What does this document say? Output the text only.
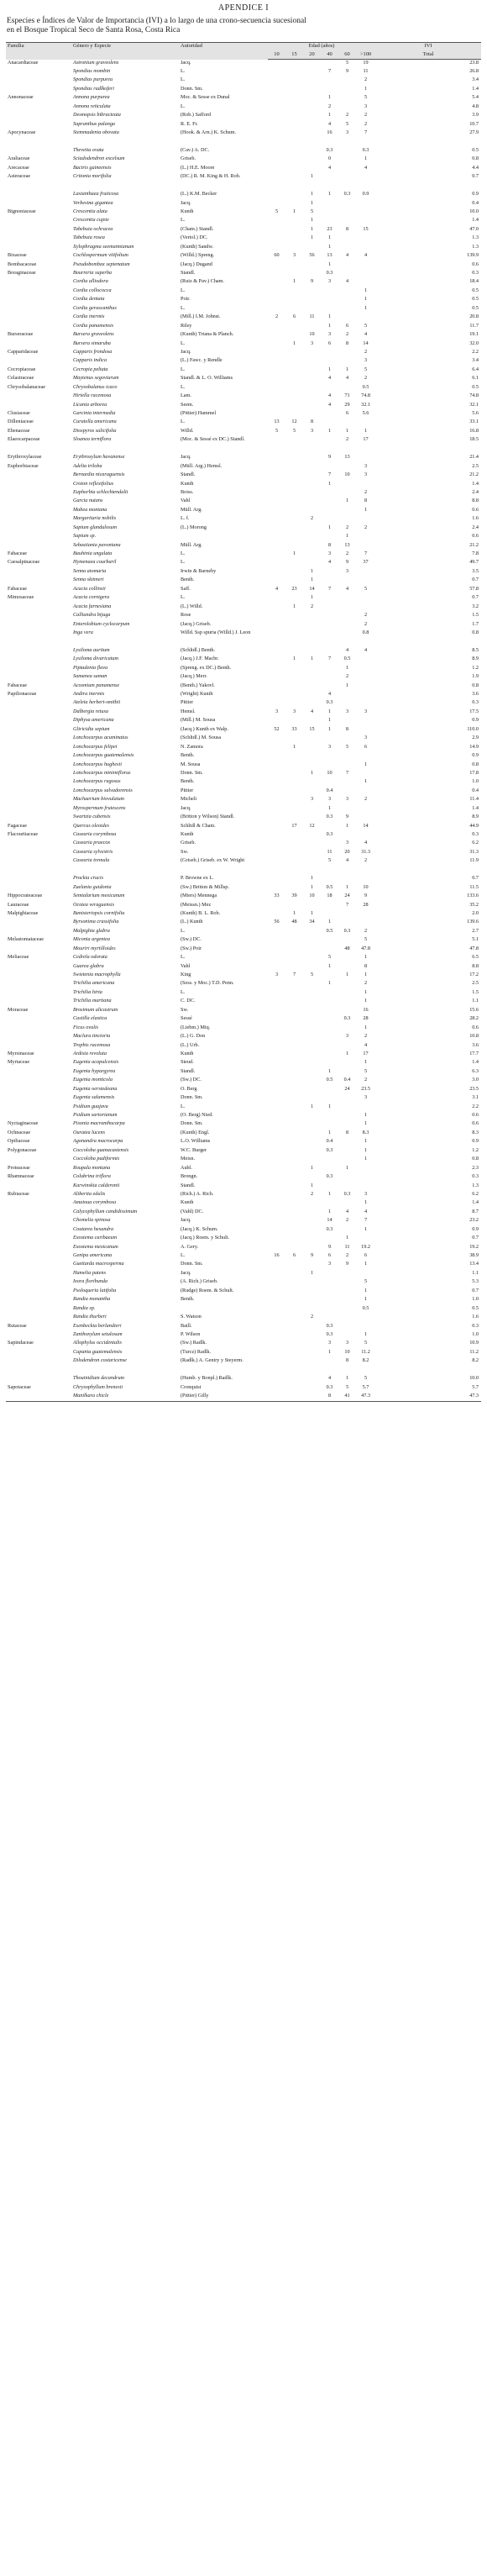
APENDICE I
Especies e Índices de Valor de Importancia (IVI) a lo largo de una crono-secuencia sucesional
en el Bosque Tropical Seco de Santa Rosa, Costa Rica
Familia	Género y Especie	Autoridad	Edad (años)						IVI
			10	15	20	40	60	>100	Total
Anacardiaceae	Astronium graveolens	Jacq.					5	19	23.8
	Spondias mombin	L.				7	9	11	26.8
	Spondias purpurea	L.						2	3.4
	Spondias radlkoferi	Donn. Sm.						1	1.4
Annonaceae	Annona purpurea	Moc. & Sesse ex Dunal				1		5	5.4
	Annona reticulata	L.				2		3	4.8
	Desmopsis bibracteata	(Rob.) Safford				1	2	2	3.9
	Sapranthus palanga	R. E. Fr.				4	5	2	10.7
Apocynaceae	Stemmadenia obovata	(Hook. & Arn.) K. Schum.				16	3	7	27.9

	Thevetia ovata	(Cav.) A. DC.				0.3		0.3	0.5
Araliaceae	Sciadodendron excelsum	Griseb.				0		1	0.8
Arecaceae	Bactris guineensis	(L.) H.E. Moore				4		4	4.4
Asteraceae	Critonia morifolia	(DC.) R. M. King & H. Rob.			1				0.7

	Lasianthaea fruticosa	(L.) K.M. Becker			1	1	0.3	0.9	0.9
	Verbesina gigantea	Jacq.			1				0.4
Bignoniaceae	Crescentia alata	Kunth	5	1	5				10.0
	Crescentia cujete	L.			1				1.4
	Tabebuia ochracea	(Cham.) Standl.			1	23	8	15	47.0
	Tabebuia rosea	(Vertol.) DC.			1	1			1.3
	Xylophragma seemannianum	(Kunth) Sandw.				1			1.3
Bixaceae	Cochlospermum vitifolium	(Willd.) Spreng.	60	3	56	13	4	4	139.9
Bombacaceae	Pseudobombax septenatum	(Jacq.) Dugand				1			0.6
Boraginaceae	Bourreria superba	Standl.				0.3			0.3
	Cordia alliodora	(Ruiz & Pav.) Cham.		1	9	3	4		18.4
	Cordia collococca	L.						1	0.5
	Cordia dentata	Poir.						1	0.5
	Cordia gerascanthus	L.						1	0.5
	Cordia inermis	(Mill.) I.M. Johnst.	2	6	11	1			20.8
	Cordia panamensis	Riley				1	6	5	11.7
Burseraceae	Bursera graveolens	(Kunth) Triana & Planch.			10	3	2	4	19.1
	Bursera simaruba	L.		1	3	6	8	14	32.0
Capparidaceae	Capparis frondosa	Jacq.						2	2.2
	Capparis indica	(L.) Fawc. y Rendle						3	3.4
Cecropiaceae	Cecropia peltata	L.				1	1	5	6.4
Celastraceae	Maytenus segoviarum	Standl. & L. O. Williams				4	4	2	6.1
Chrysobalanaceae	Chrysobalanus icaco	L.						0.5	0.5
	Hirtella racemosa	Lam.				4	71	74.8	74.8
	Licania arborea	Seem.				4	29	32.1	32.1
Clusiaceae	Garcinia intermedia	(Pittier) Hammel					6	5.6	5.6
Dilleniaceae	Curatella americana	L.	13	12	8				33.1
Ebenaceae	Diospyros salicifolia	Willd.	5	5	3	1	1	1	16.8
Elaeocarpaceae	Sloanea terniflora	(Moc. & Sessé ex DC.) Standl.					2	17	18.5

Erythroxylaceae	Erythroxylum havanense	Jacq.				9	13		21.4
Euphorbiaceae	Adelia triloba	(Müll. Arg.) Hemsl.						3	2.5
	Bernardia nicaraguensis	Standl.				7	10	3	21.2
	Croton reflexifolius	Kunth				1			1.4
	Euphorbia schlechtendalii	Boiss.						2	2.4
	Garcia nutans	Vahl					1	8	8.8
	Mabea montana	Müll. Arg.						1	0.6
	Margaritaria nobilis	L. f.			2				1.6
	Sapium glandulosum	(L.) Morong				1	2	2	2.4
	Sapium sp.						1		0.6
	Sebastiania pavoniana	Müll. Arg.				8	13		21.2
Fabaceae	Bauhinia ungulata	L.		1		3	2	7	7.8
Caesalpinaceae	Hymenaea courbaril	L.				4	9	37	49.7
	Senna atomaria	Irwin & Barneby			1		3		3.5
	Senna skinneri	Benth.			1				0.7
Fabaceae	Acacia collinsii	Saff.	4	23	14	7	4	5	57.8
Mimosaceae	Acacia cornigera	L.			1				0.7
	Acacia farnesiana	(L.) Willd.		1	2				3.2
	Calliandra bijuga	Rose						2	1.5
	Enterolobium cyclocarpum	(Jacq.) Griseb.						2	1.7
	Inga vera	Willd. Ssp spuria (Willd.) J. Leon						0.8	0.8

	Lysiloma auritum	(Schltdl.) Benth.					4	4	8.5
	Lysiloma divaricatum	(Jacq.) J.F. Macbr.		1	1	7	0.5		8.9
	Piptadenia flava	(Spreng. ex DC.) Benth.					1		1.2
	Samanea saman	(Jacq.) Merr.					2		1.9
Fabaceae	Acosmium panamense	(Benth.) Yakovl.					1		0.8
Papilionaceae	Andira inermis	(Wright) Kunth				4			3.6
	Ateleia herbert-smithii	Pittier				0.3			0.3
	Dalbergia retusa	Hemsl.	3	3	4	1	3	3	17.5
	Diphysa americana	(Mill.) M. Sousa				1			0.9
	Gliricidia sepium	(Jacq.) Kunth ex Walp.	52	33	15	1	8		110.0
	Lonchocarpus acuminatus	(Schltdl.) M. Sousa						3	2.9
	Lonchocarpus felipei	N. Zamora		1		3	5	6	14.9
	Lonchocarpus guatemalensis	Benth.							0.9
	Lonchocarpus hughesii	M. Sousa						1	0.8
	Lonchocarpus minimiflorus	Donn. Sm.			1	10	7		17.8
	Lonchocarpus rugosus	Benth.						1	1.0
	Lonchocarpus salvadorensis	Pittier				0.4			0.4
	Machaerium biovulatum	Micheli			3	3	3	2	11.4
	Myrospermum frutescens	Jacq.				1			1.4
	Swartzia cubensis	(Britton y Wilson) Standl.				0.3	9		8.9
Fagaceae	Quercus oleoides	Schltdl & Cham.		17	12		1	14	44.9
Flacourtiaceae	Casearia corymbosa	Kunth				0.3			0.3
	Casearia praecox	Griseb.					3	4	6.2
	Casearia sylvestris	Sw.				11	20	31.3	31.3
	Casearia tremula	(Griseb.) Griseb. ex W. Wright				5	4	2	11.9

	Prockia crucis	P. Browne ex L.			1				0.7
	Zuelania guidonia	(Sw.) Britton & Millsp.			1	0.5	1	10	11.5
Hippocrateaceae	Semialarium mexicanum	(Miers) Mennega	33	39	10	18	24	9	133.6
Lauraceae	Ocotea veraguensis	(Meissn.) Mez					7	28	35.2
Malpighiaceae	Banisteriopsis cornifolia	(Kunth) B. L. Rob.		1	1				2.0
	Byrsonima crassifolia	(L.) Kunth	56	48	34	1			139.6
	Malpighia glabra	L.				0.5	0.3	2	2.7
Melastomataceae	Miconia argentea	(Sw.) DC.						5	5.1
	Mouriri myrtilloides	(Sw.) Poir					48	47.8	47.8
Meliaceae	Cedrela odorata	L.				5		1	6.5
	Guarea glabra	Vahl				1		8	8.8
	Swietenia macrophylla	King	3	7	5		1	1	17.2
	Trichilia americana	(Sess. y Moc.) T.D. Penn.				1		2	2.5
	Trichilia hirta	L.						1	1.5
	Trichilia martiana	C. DC.						1	1.1
Moraceae	Brosimum alicastrum	Sw.						16	15.6
	Castilla elastica	Sessé					0.3	28	28.2
	Ficus ovalis	(Liebm.) Miq.						1	0.6
	Maclura tinctoria	(L.) G. Don					3	2	10.8
	Trophis racemosa	(L.) Urb.						4	3.6
Myrsinaceae	Ardisia revoluta	Kunth					1	17	17.7
Myrtaceae	Eugenia acapulcensis	Steud.						1	1.4
	Eugenia hypargyrea	Standl.				1		5	6.3
	Eugenia monticola	(Sw.) DC.				0.5	0.4	2	3.0
	Eugenia oerstedeana	O. Berg					24	23.5	23.5
	Eugenia salamensis	Donn. Sm.						3	3.1
	Psidium guajava	L.			1	1			2.2
	Psidium sartorianum	(O. Berg) Nied.						1	0.6
Nyctaginaceae	Pisonia macranthocarpa	Donn. Sm.						1	0.6
Ochnaceae	Ouratea lucens	(Kunth) Engl.				1	8	8.3	8.3
Opiliaceae	Agonandra macrocarpa	L.O. Williams				0.4		1	0.9
Polygonaceae	Coccoloba guanacastensis	W.C. Burger				0.3		1	1.2
	Coccoloba padiformis	Meisn.						1	0.8
Proteaceae	Roupala montana	Aubl.			1		1		2.3
Rhamnaceae	Colubrina triflora	Brongn.				0.3			0.3
	Karwinskia calderonii	Standl.			1				1.3
Rubiaceae	Alibertia edulis	(Rich.) A. Rich.			2	1	0.3	3	6.2
	Amaioua corymbosa	Kunth						1	1.4
	Calycophyllum candidissimum	(Vahl) DC.				1	4	4	8.7
	Chomelia spinosa	Jacq.				14	2	7	23.2
	Coutarea hexandra	(Jacq.) K. Schum.				0.3		1	0.9
	Exostema caribaeum	(Jacq.) Roem. y Schult.					1		0.7
	Exostema mexicanum	A. Gery.				9	11	19.2	19.2
	Genipa americana	L.	16	6	9	6	2	6	38.9
	Guettarda macrosperma	Donn. Sm.				3	9	1	13.4
	Hamelia patens	Jacq.			1				1.1
	Ixora floribunda	(A. Rich.) Griseb.						5	5.3
	Psoloqueria latifolia	(Rudge) Roem. & Schult.						1	0.7
	Randia monantha	Benth.						1	1.0
	Randia sp.							0.5	0.5
	Randia thurberi	S. Watson			2				1.6
Rutaceae	Esenbeckia berlandieri	Baill.				0.3			0.3
	Zanthoxylum setulosum	P. Wilson				0.3		1	1.0
Sapindaceae	Allophylus occidentalis	(Sw.) Radlk.				3	3	5	10.9
	Cupania guatemalensis	(Turcz) Radlk.				1	10	11.2	11.2
	Dilodendron costaricense	(Radlk.) A. Gentry y Steyerm.					8	8.2	8.2

	Thouinidium decandrum	(Humb. y Bonpl.) Radlk.				4	1	5	10.0
Sapotaceae	Chrysophyllum brenesii	Cronquist				0.3	5	5.7	5.7
	Manilkara chicle	(Pittier) Gilly				8	41	47.3	47.3
